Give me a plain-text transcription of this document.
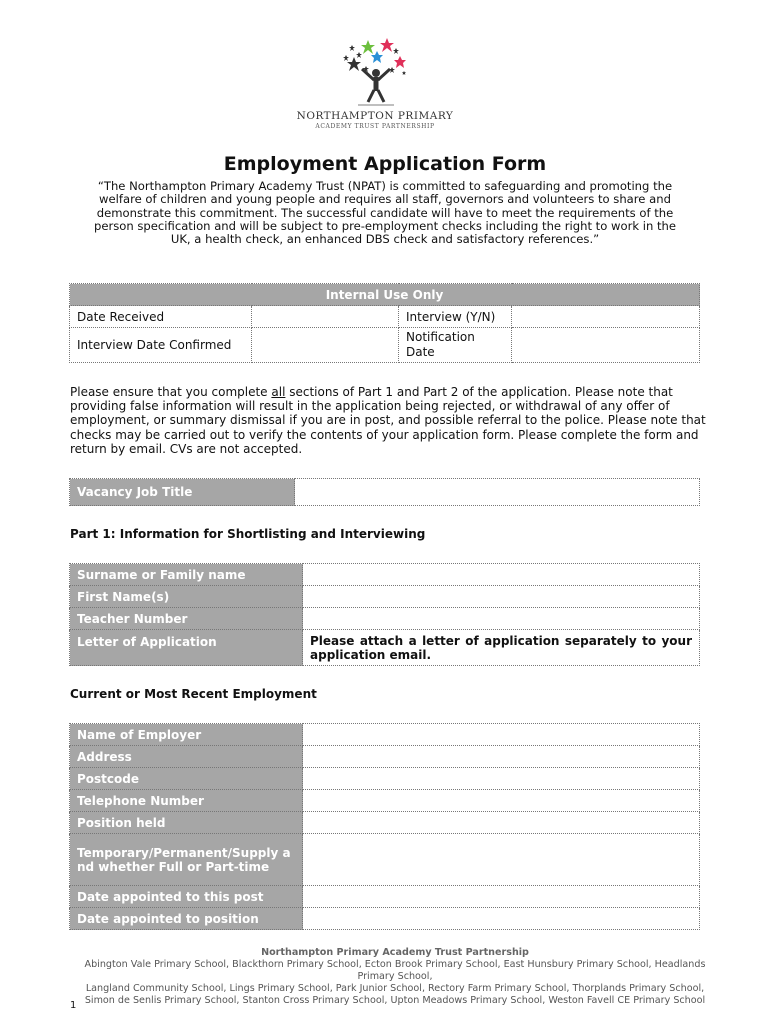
NORTHAMPTON PRIMARY
ACADEMY TRUST PARTNERSHIP
Employment Application Form
“The Northampton Primary Academy Trust (NPAT) is committed to safeguarding and promoting the welfare of children and young people and requires all staff, governors and volunteers to share and demonstrate this commitment. The successful candidate will have to meet the requirements of the person specification and will be subject to pre-employment checks including the right to work in the UK, a health check, an enhanced DBS check and satisfactory references.”
Internal Use Only			
Date Received		Interview (Y/N)	
Interview Date Confirmed		Notification Date	
Please ensure that you complete all sections of Part 1 and Part 2 of the application. Please note that providing false information will result in the application being rejected, or withdrawal of any offer of employment, or summary dismissal if you are in post, and possible referral to the police. Please note that checks may be carried out to verify the contents of your application form. Please complete the form and return by email. CVs are not accepted.
Vacancy Job Title	
Part 1: Information for Shortlisting and Interviewing
Surname or Family name	
First Name(s)	
Teacher Number	
Letter of Application	Please attach a letter of application separately to your application email.
Current or Most Recent Employment
Name of Employer	
Address	
Postcode	
Telephone Number	
Position held	
Temporary/Permanent/Supply and whether Full or Part-time	
Date appointed to this post	
Date appointed to position	
Northampton Primary Academy Trust Partnership
Abington Vale Primary School, Blackthorn Primary School, Ecton Brook Primary School, East Hunsbury Primary School, Headlands Primary School,
Langland Community School, Lings Primary School, Park Junior School, Rectory Farm Primary School, Thorplands Primary School, Simon de Senlis Primary School, Stanton Cross Primary School, Upton Meadows Primary School, Weston Favell CE Primary School
1
